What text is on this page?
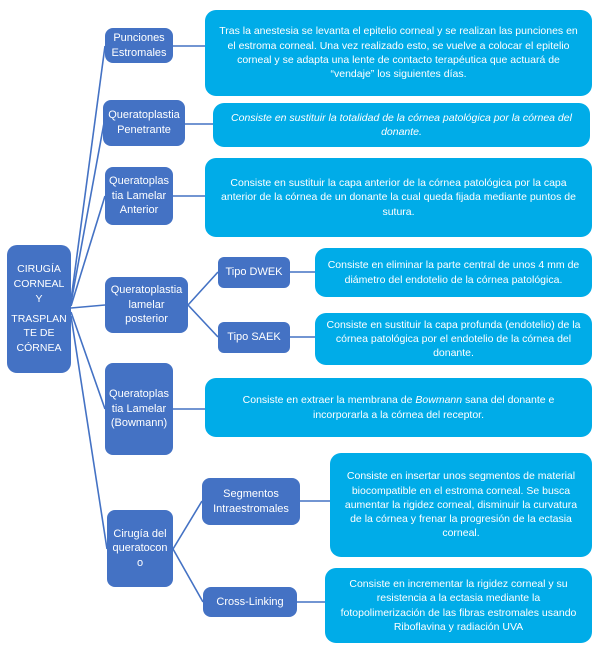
CIRUGÍA CORNEAL Y
TRASPLANTE DE CÓRNEA
Punciones Estromales
Queratoplastia Penetrante
Queratoplastia Lamelar Anterior
Queratoplastia lamelar posterior
Queratoplastia Lamelar (Bowmann)
Cirugía del queratocono
Tipo DWEK
Tipo SAEK
Segmentos Intraestromales
Cross-Linking
Tras la anestesia se levanta el epitelio corneal y se realizan las punciones en el estroma corneal. Una vez realizado esto, se vuelve a colocar el epitelio corneal y se adapta una lente de contacto terapéutica que actuará de “vendaje” los siguientes días.
Consiste en sustituir la totalidad de la córnea patológica por la córnea del donante.
Consiste en sustituir la capa anterior de la córnea patológica por la capa anterior de la córnea de un donante la cual queda fijada mediante puntos de sutura.
Consiste en eliminar la parte central de unos 4 mm de diámetro del endotelio de la córnea patológica.
Consiste en sustituir la capa profunda (endotelio) de la córnea patológica por el endotelio de la córnea del donante.
Consiste en extraer la membrana de Bowmann sana del donante e incorporarla a la córnea del receptor.
Consiste en insertar unos segmentos de material biocompatible en el estroma corneal. Se busca aumentar la rigidez corneal, disminuir la curvatura de la córnea y frenar la progresión de la ectasia corneal.
Consiste en incrementar la rigidez corneal y su resistencia a la ectasia mediante la fotopolimerización de las fibras estromales usando Riboflavina y radiación UVA
